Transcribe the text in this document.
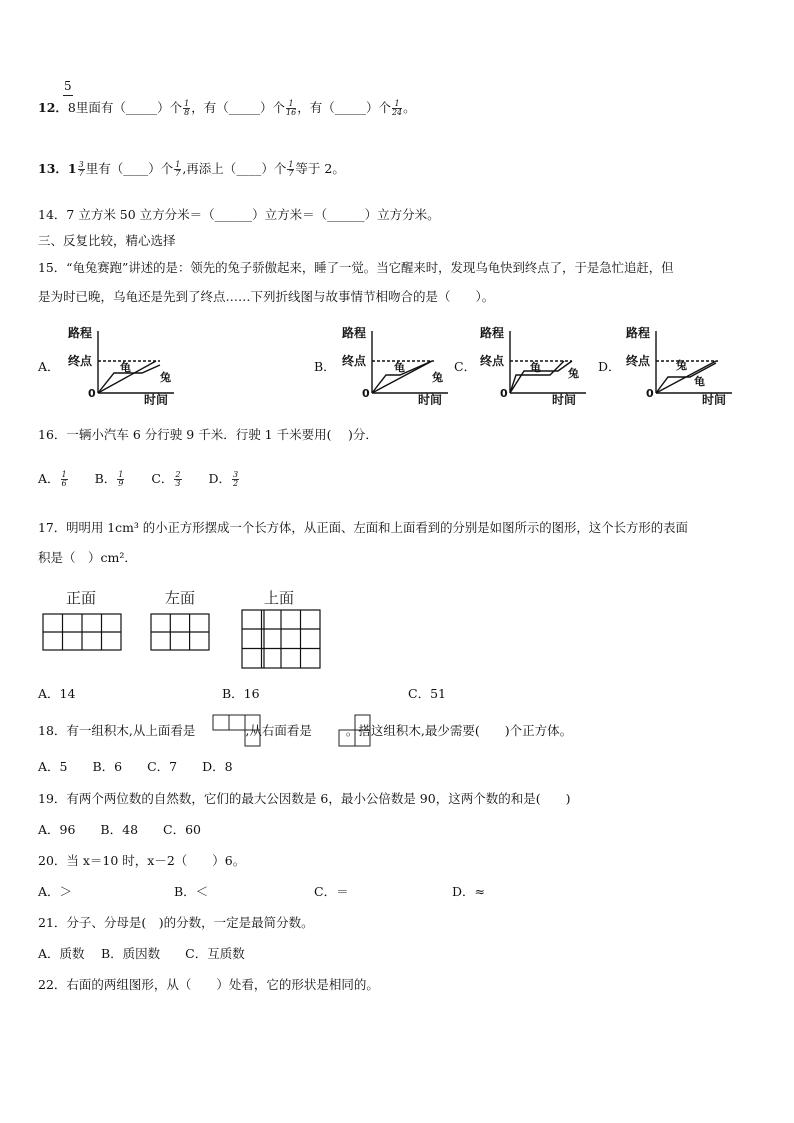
5
12．8里面有（_____）个 $\frac{1}{8}$ ，有（_____）个 $\frac{1}{16}$ ，有（_____）个 $\frac{1}{24}$ 。
13．$1 \frac{3}{7}$ 里有（____）个 $\frac{1}{7}$ ,再添上（____）个 $\frac{1}{7}$ 等于 2。
14．7 立方米 50 立方分米＝（______）立方米＝（______）立方分米。
三、反复比较，精心选择
15．“龟兔赛跑”讲述的是：领先的兔子骄傲起来，睡了一觉。当它醒来时，发现乌龟快到终点了，于是急忙追赶，但
是为时已晚，乌龟还是先到了终点……下列折线图与故事情节相吻合的是（　　）。
A．	B．	C．	D．
路程
终点
0	时间
龟
兔
路程
终点
0	时间
龟
兔
路程
终点
0	时间
龟 兔
路程
终点
0	时间
兔
龟
16．一辆小汽车 6 分行驶 9 千米．行驶 1 千米要用(　 )分．
A． $\frac{1}{6}$ B． $\frac{1}{9}$ C． $\frac{2}{3}$ D． $\frac{3}{2}$
17．明明用 1cm³ 的小正方形摆成一个长方体，从正面、左面和上面看到的分别是如图所示的图形，这个长方形的表面
积是（　）cm²．
正面	左面	上面
A．14	B．16	C．51
18．有一组积木,从上面看是	,从右面看是	。搭这组积木,最少需要(　　)个正方体。
A．5　　B．6　　C．7　　D．8
19．有两个两位数的自然数，它们的最大公因数是 6，最小公倍数是 90，这两个数的和是(　　)
A．96　　B．48　　C．60
20．当 x＝10 时，x－2（　　）6。
A．＞	B．＜	C．＝	D．≈
21．分子、分母是(　)的分数，一定是最简分数。
A．质数　 B．质因数　　C．互质数
22．右面的两组图形，从（　　）处看，它的形状是相同的。
